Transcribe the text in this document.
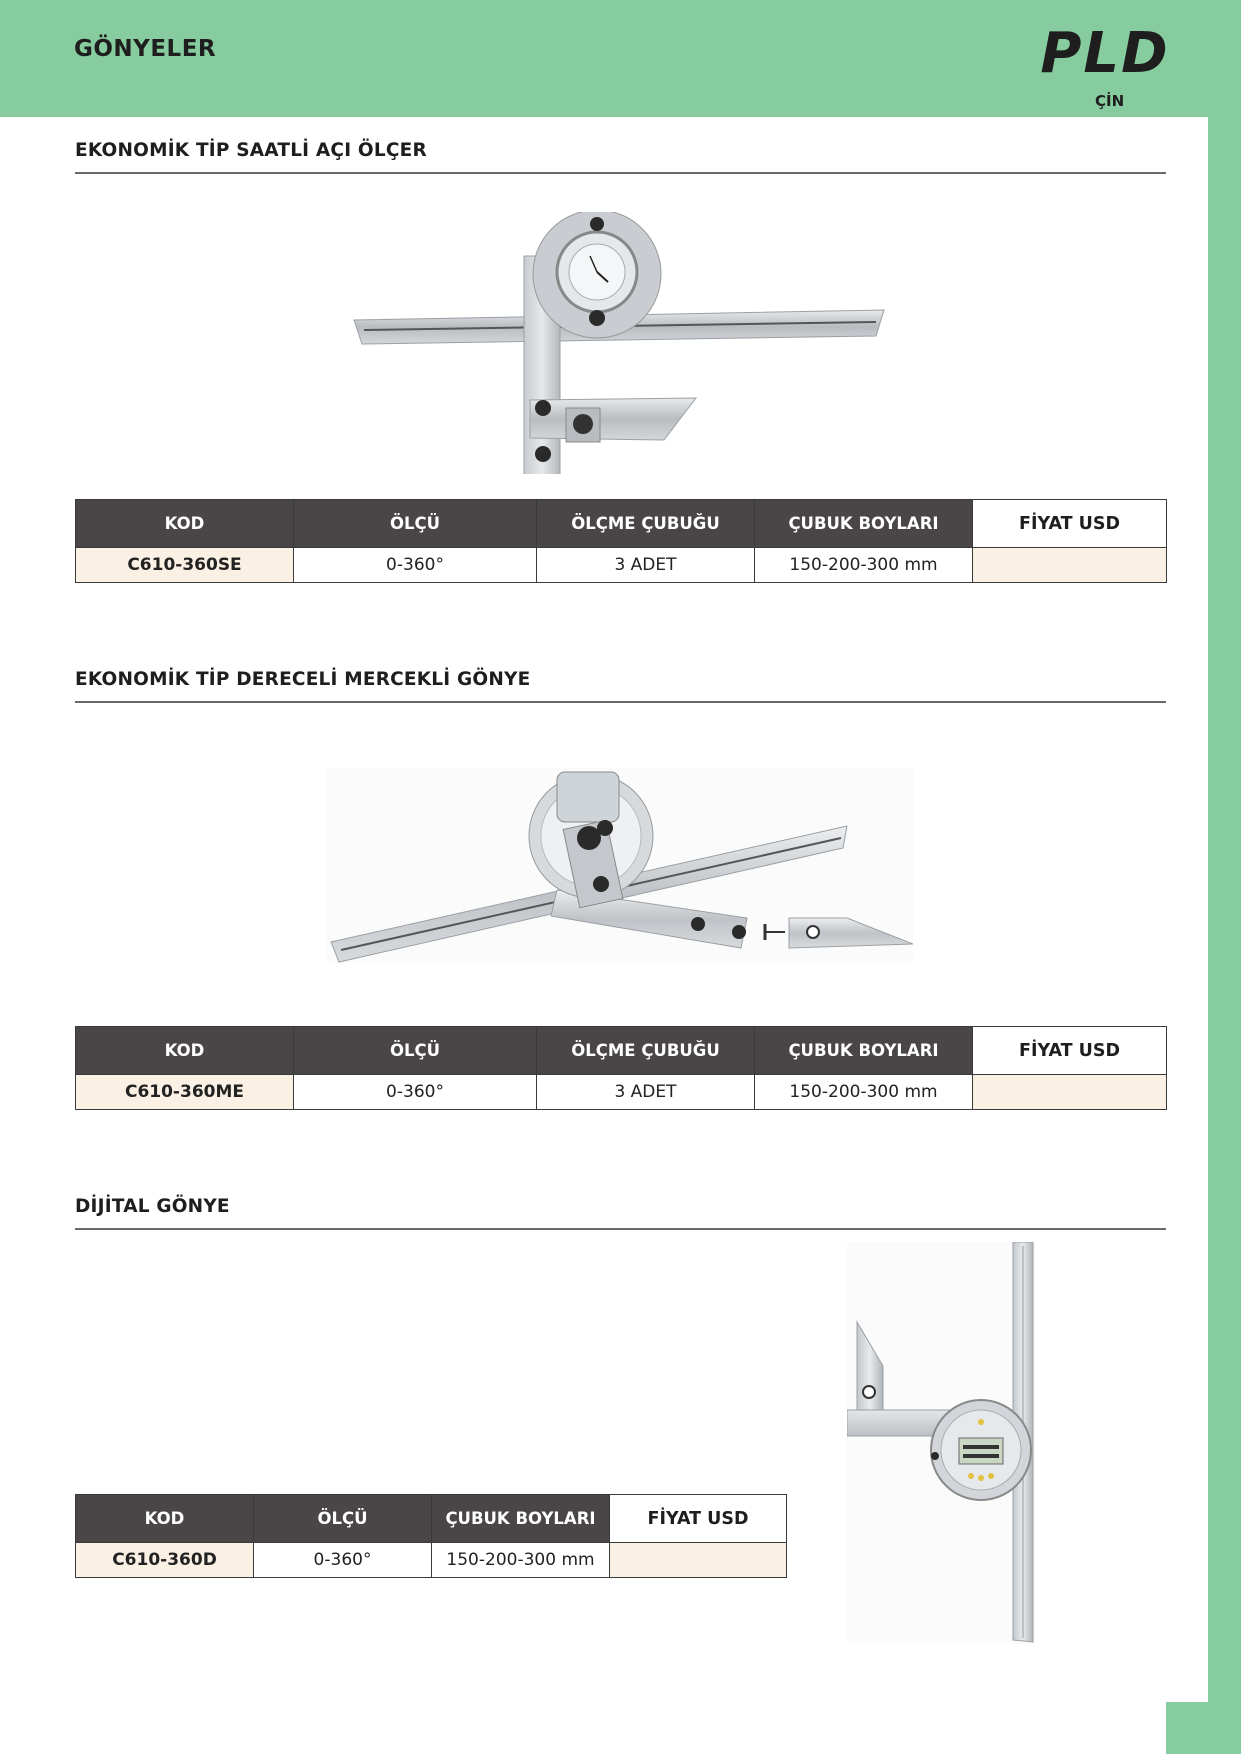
GÖNYELER	PLD
ÇİN
EKONOMİK TİP SAATLİ AÇI ÖLÇER
KOD	ÖLÇÜ	ÖLÇME ÇUBUĞU	ÇUBUK BOYLARI	FİYAT USD
C610-360SE	0-360°	3 ADET	150-200-300 mm	
EKONOMİK TİP DERECELİ MERCEKLİ GÖNYE
KOD	ÖLÇÜ	ÖLÇME ÇUBUĞU	ÇUBUK BOYLARI	FİYAT USD
C610-360ME	0-360°	3 ADET	150-200-300 mm	
DİJİTAL GÖNYE
KOD	ÖLÇÜ	ÇUBUK BOYLARI	FİYAT USD
C610-360D	0-360°	150-200-300 mm	
